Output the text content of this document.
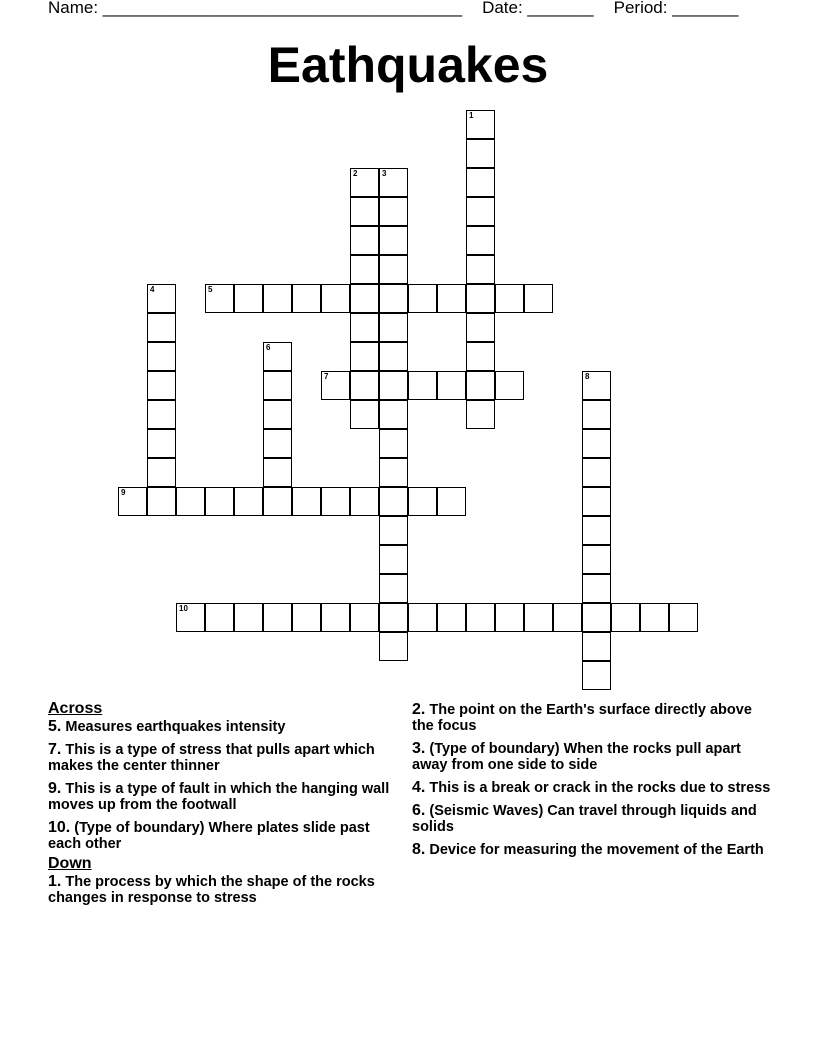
Name: ______________________________________ Date: _______ Period: _______
Eathquakes
1
2	3
4	5
6
7	8
9
10
Across
5. Measures earthquakes intensity
7. This is a type of stress that pulls apart which makes the center thinner
9. This is a type of fault in which the hanging wall moves up from the footwall
10. (Type of boundary) Where plates slide past each other
Down
1. The process by which the shape of the rocks changes in response to stress
2. The point on the Earth's surface directly above the focus
3. (Type of boundary) When the rocks pull apart away from one side to side
4. This is a break or crack in the rocks due to stress
6. (Seismic Waves) Can travel through liquids and solids
8. Device for measuring the movement of the Earth
